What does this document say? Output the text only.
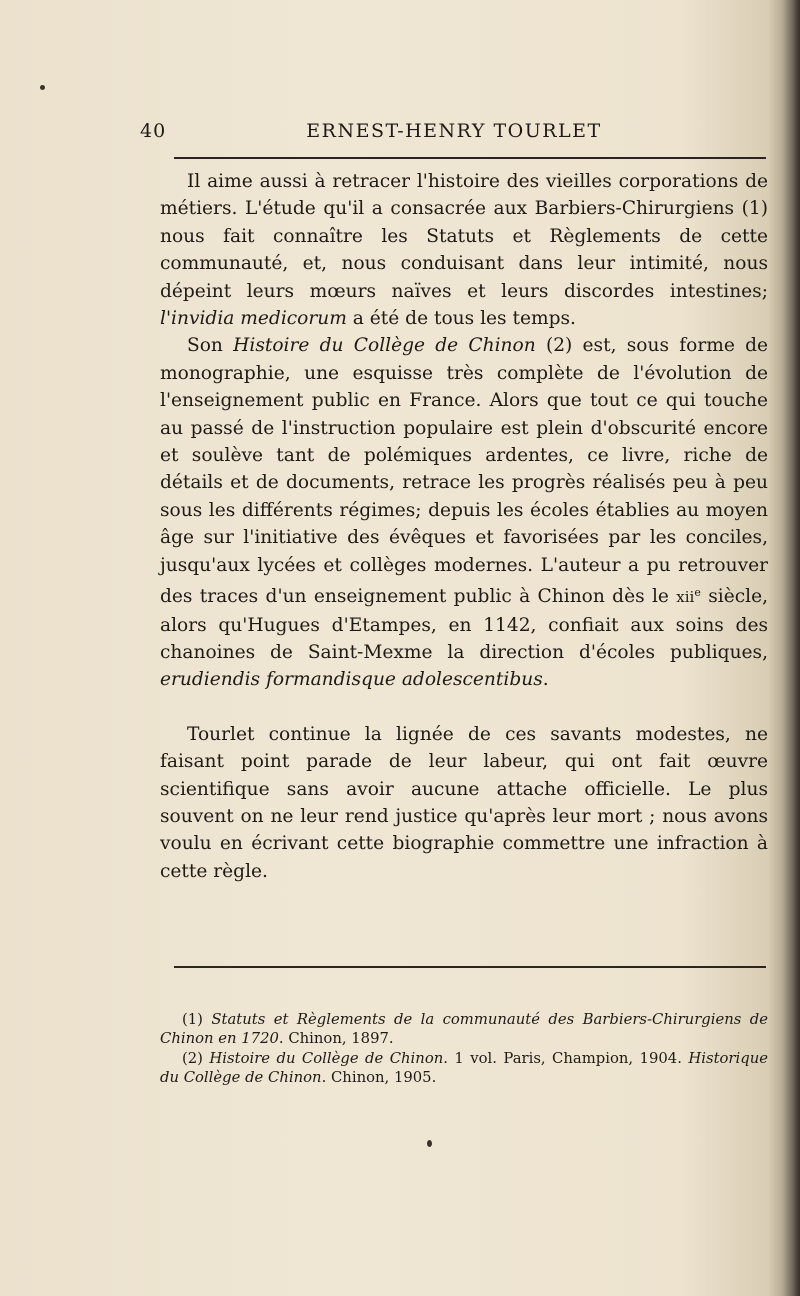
40	ERNEST-HENRY TOURLET

Il aime aussi à retracer l'histoire des vieilles corporations de métiers. L'étude qu'il a consacrée aux Barbiers-Chirurgiens (1) nous fait connaître les Statuts et Règlements de cette communauté, et, nous conduisant dans leur intimité, nous dépeint leurs mœurs naïves et leurs discordes intestines; l'invidia medicorum a été de tous les temps.

Son Histoire du Collège de Chinon (2) est, sous forme de monographie, une esquisse très complète de l'évolution de l'enseignement public en France. Alors que tout ce qui touche au passé de l'instruction populaire est plein d'obscurité encore et soulève tant de polémiques ardentes, ce livre, riche de détails et de documents, retrace les progrès réalisés peu à peu sous les différents régimes; depuis les écoles établies au moyen âge sur l'initiative des évêques et favorisées par les conciles, jusqu'aux lycées et collèges modernes. L'auteur a pu retrouver des traces d'un enseignement public à Chinon dès le xii$^e$ siècle, alors qu'Hugues d'Etampes, en 1142, confiait aux soins des chanoines de Saint-Mexme la direction d'écoles publiques, erudiendis formandisque adolescentibus.

Tourlet continue la lignée de ces savants modestes, ne faisant point parade de leur labeur, qui ont fait œuvre scientifique sans avoir aucune attache officielle. Le plus souvent on ne leur rend justice qu'après leur mort ; nous avons voulu en écrivant cette biographie commettre une infraction à cette règle.

(1) Statuts et Règlements de la communauté des Barbiers-Chirurgiens de Chinon en 1720. Chinon, 1897.

(2) Histoire du Collège de Chinon. 1 vol. Paris, Champion, 1904. Historique du Collège de Chinon. Chinon, 1905.
